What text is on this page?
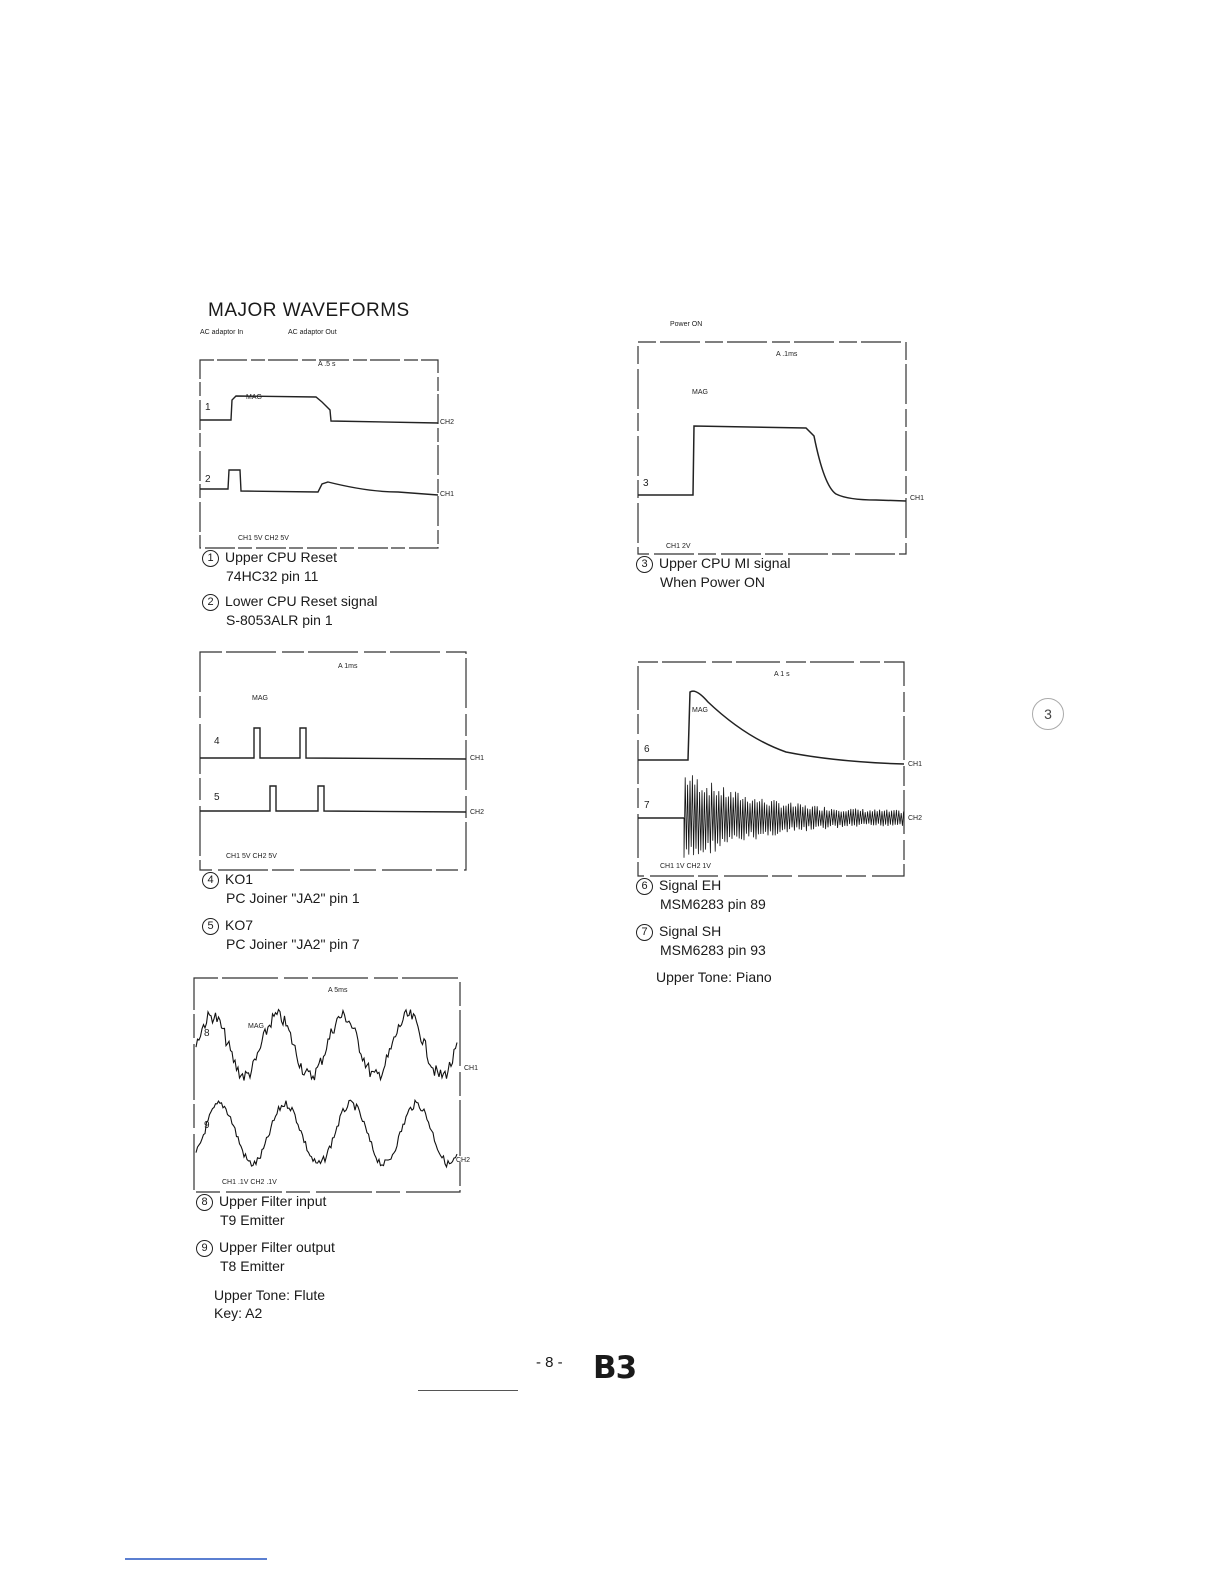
MAJOR WAVEFORMS
AC adaptor In	AC adaptor Out
A .5 s
MAG
1
CH2
2
CH1
CH1 5V CH2 5V
1 Upper CPU Reset
74HC32 pin 11
2 Lower CPU Reset signal
S-8053ALR pin 1
Power ON
A .1ms
MAG
3
CH1
CH1 2V
3 Upper CPU MI signal
When Power ON
A 1ms
MAG
4
CH1
5
CH2
CH1 5V CH2 5V
4 KO1
PC Joiner "JA2" pin 1
5 KO7
PC Joiner "JA2" pin 7
A 1 s
MAG
6
CH1
7
CH2
CH1 1V CH2 1V
6 Signal EH
MSM6283 pin 89
7 Signal SH
MSM6283 pin 93
Upper Tone: Piano
A 5ms
MAG
8
CH1
9
CH2
CH1 .1V CH2 .1V
8 Upper Filter input
T9 Emitter
9 Upper Filter output
T8 Emitter
Upper Tone: Flute
Key: A2
- 8 - B3
3
